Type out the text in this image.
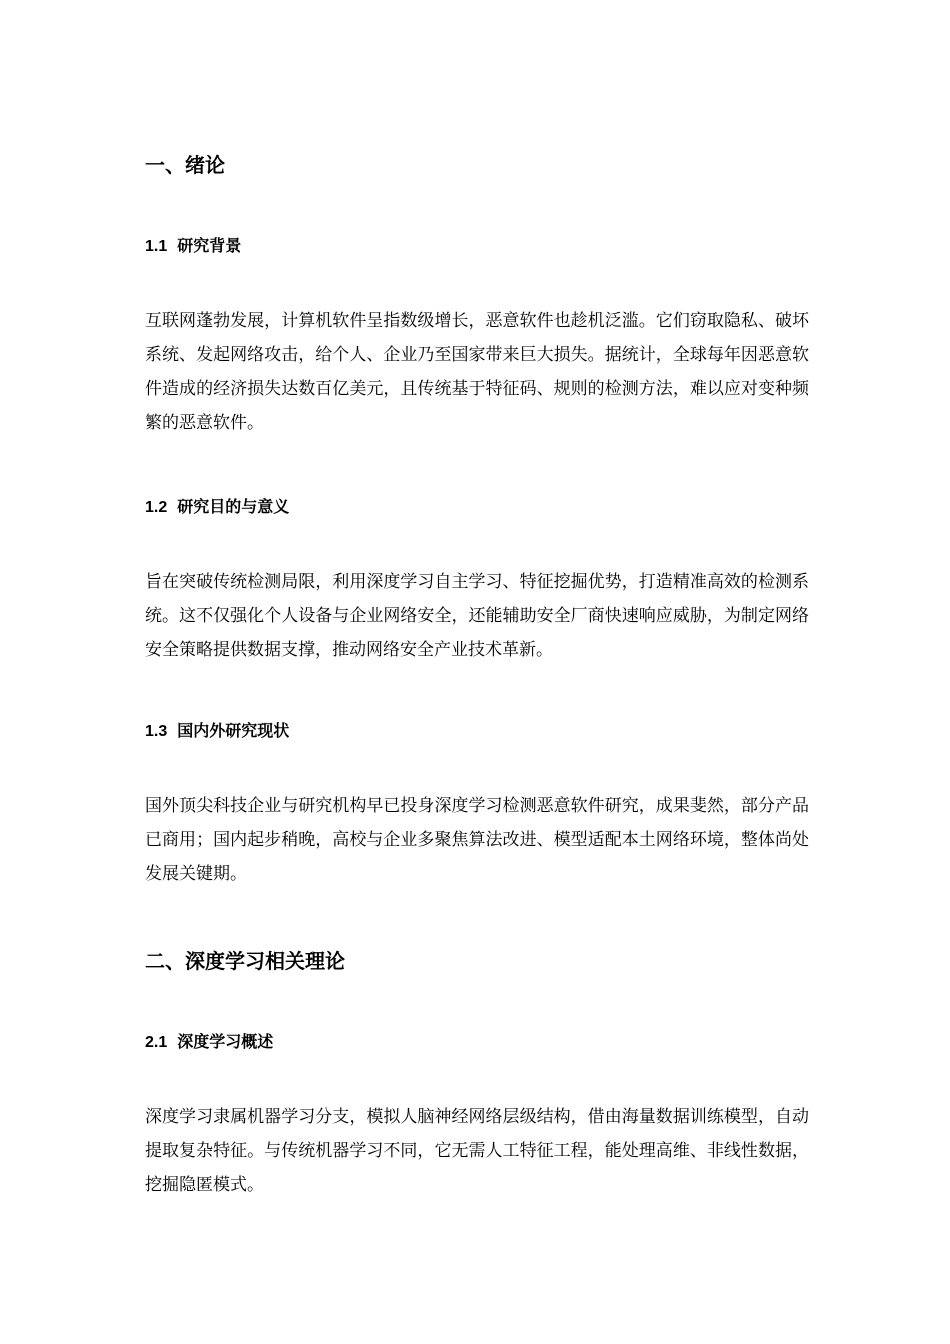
一、绪论
1.1 研究背景

互联网蓬勃发展，计算机软件呈指数级增长，恶意软件也趁机泛滥。它们窃取隐私、破坏系统、发起网络攻击，给个人、企业乃至国家带来巨大损失。据统计，全球每年因恶意软件造成的经济损失达数百亿美元，且传统基于特征码、规则的检测方法，难以应对变种频繁的恶意软件。

1.2 研究目的与意义

旨在突破传统检测局限，利用深度学习自主学习、特征挖掘优势，打造精准高效的检测系统。这不仅强化个人设备与企业网络安全，还能辅助安全厂商快速响应威胁，为制定网络安全策略提供数据支撑，推动网络安全产业技术革新。

1.3 国内外研究现状

国外顶尖科技企业与研究机构早已投身深度学习检测恶意软件研究，成果斐然，部分产品已商用；国内起步稍晚，高校与企业多聚焦算法改进、模型适配本土网络环境，整体尚处发展关键期。

二、深度学习相关理论
2.1 深度学习概述

深度学习隶属机器学习分支，模拟人脑神经网络层级结构，借由海量数据训练模型，自动提取复杂特征。与传统机器学习不同，它无需人工特征工程，能处理高维、非线性数据，挖掘隐匿模式。
